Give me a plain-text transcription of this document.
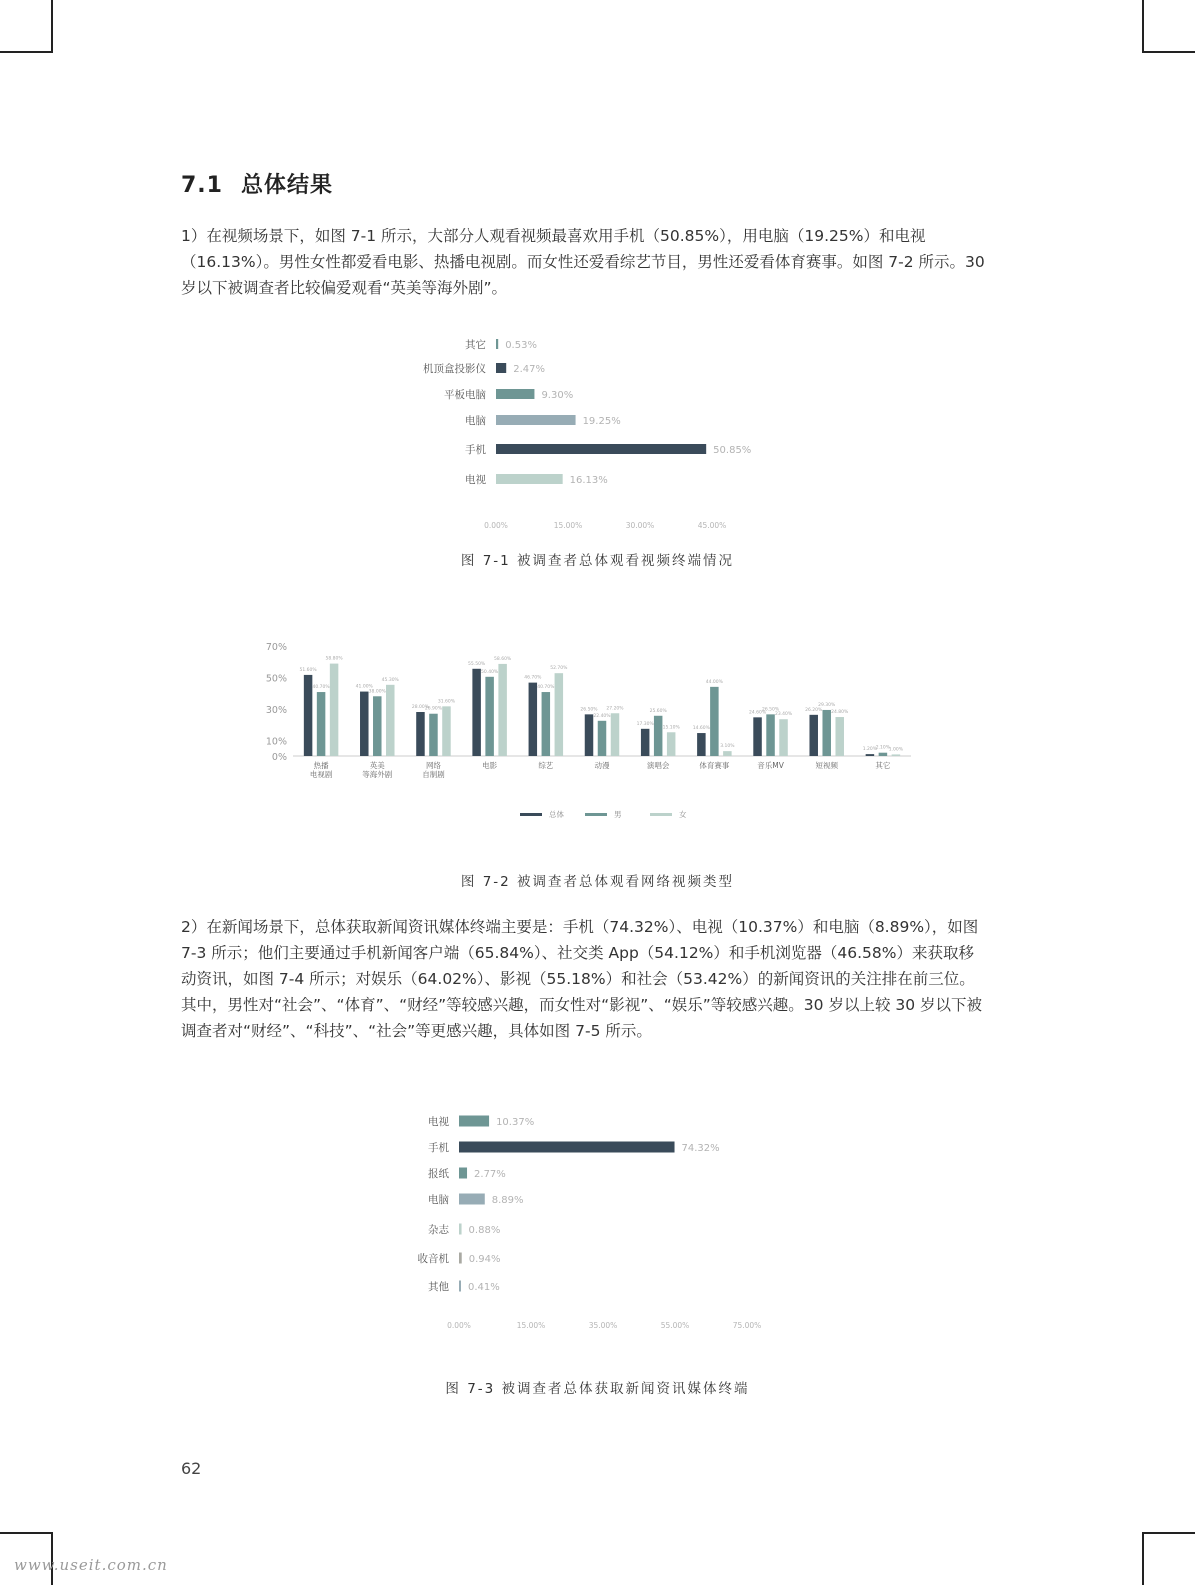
7.1 总体结果

1）在视频场景下，如图 7-1 所示，大部分人观看视频最喜欢用手机（50.85%），用电脑（19.25%）和电视（16.13%）。男性女性都爱看电影、热播电视剧。而女性还爱看综艺节目，男性还爱看体育赛事。如图 7-2 所示。30 岁以下被调查者比较偏爱观看“英美等海外剧”。

其它 0.53%
机顶盒投影仪	2.47%
平板电脑	9.30%
电脑	19.25%
手机	50.85%
电视	16.13%
0.00%	15.00%	30.00%	45.00%
图 7-1 被调查者总体观看视频终端情况
0%
10%
30%
50%
70%
51.60%
40.70%
58.80%
热播
电视剧
41.00%
38.00%
45.30%
英美
等海外剧
28.00%
26.90%
31.60%
网络
自制剧
55.50%
50.40%
58.60%
电影
46.70%
40.70%
52.70%
综艺
26.50%
22.40%
27.20%
动漫
17.30%
25.60%
15.10%
演唱会
14.60%
44.00%
3.10%
体育赛事
24.60%
26.50%
23.40%
音乐MV
26.20%
29.30%
24.80%
短视频
1.20%
2.10%
1.00%
其它
总体	男	女
图 7-2 被调查者总体观看网络视频类型

2）在新闻场景下，总体获取新闻资讯媒体终端主要是：手机（74.32%）、电视（10.37%）和电脑（8.89%），如图 7-3 所示；他们主要通过手机新闻客户端（65.84%）、社交类 App（54.12%）和手机浏览器（46.58%）来获取移动资讯，如图 7-4 所示；对娱乐（64.02%）、影视（55.18%）和社会（53.42%）的新闻资讯的关注排在前三位。其中，男性对“社会”、“体育”、“财经”等较感兴趣，而女性对“影视”、“娱乐”等较感兴趣。30 岁以上较 30 岁以下被调查者对“财经”、“科技”、“社会”等更感兴趣，具体如图 7-5 所示。

电视	10.37%
手机	74.32%
报纸	2.77%
电脑	8.89%
杂志 0.88%
收音机 0.94%
其他 0.41%
0.00%	15.00%	35.00%	55.00%	75.00%
图 7-3 被调查者总体获取新闻资讯媒体终端
62
www.useit.com.cn
